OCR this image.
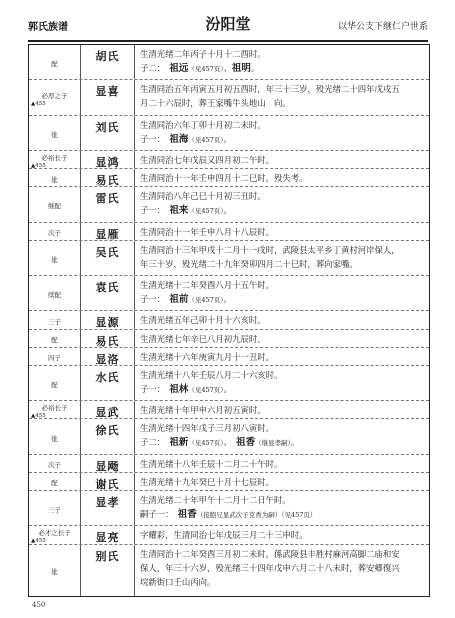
郭氏族谱	汾阳堂	以华公支下继仁户世系
配
胡氏	生清光绪二年丙子十月十二酉时。
子二：　祖远（见457页）、祖明。
必厚之子
▲455
显喜	生清同治五年丙寅五月初五酉时，年三十三岁，殁光绪二十四年戊戌五
月二十六辰时，葬王家嘴牛头地山　向。
妣
刘氏	生清同治六年丁卯十月初二未时。
子一：　祖海（见457页）。
必裕长子
▲455	显鸿	生清同治七年戊辰又四月初二午时。
妣	易氏	生清同治十一年壬申四月十二巳时，殁失考。
继配
雷氏	生清同治八年己巳十月初三丑时。
子一：　祖来（见457页）。
次子	显雁	生清同治十一年壬申八月十八辰时。
妣
吴氏	生清同治十三年甲戌十二月十一戌时，武陵县太平乡丁黄村河岸保人，
年三十岁，殁光绪二十九年癸卯四月二十巳时，葬向家嘴。
续配
袁氏	生清光绪十二年癸酉八月十五午时。
子一：　祖前（见457页）。
三子	显源	生清光绪五年己卯十月十六亥时。
配	易氏	生清光绪七年辛巳八月初九辰时。
四子	显洛	生清光绪十六年庚寅九月十一丑时。
配
水氏	生清光绪十八年壬辰八月二十六亥时。
子一：　祖林（见457页）。
必裕长子
▲455	显武	生清光绪十年甲申六月初五寅时。
妣
徐氏	生清光绪十四年戊子三月初八寅时。
子二：　祖新（见457页）、　祖香（继显孝嗣）。
次子	显飏	生清光绪十八年壬辰十二月二十午时。
配	谢氏	生清光绪十九年癸巳十月十七辰时。
三子
显孝	生清光绪二十年甲午十二月十二日午时。
嗣子一：　祖香（接胞兄显武次子克香为嗣）（见457页）
必才之长子
▲455	显亮	字耀彩，生清同治七年戊辰三月二十三申时。
妣
别氏	生清同治十二年癸酉三月初二未时，係武陵县丰胜村麻河高脚二庙和安
保人，年三十六岁，殁光绪三十四年戊申六月二十八未时，葬安郷復兴
垸新街口壬山丙向。
450
